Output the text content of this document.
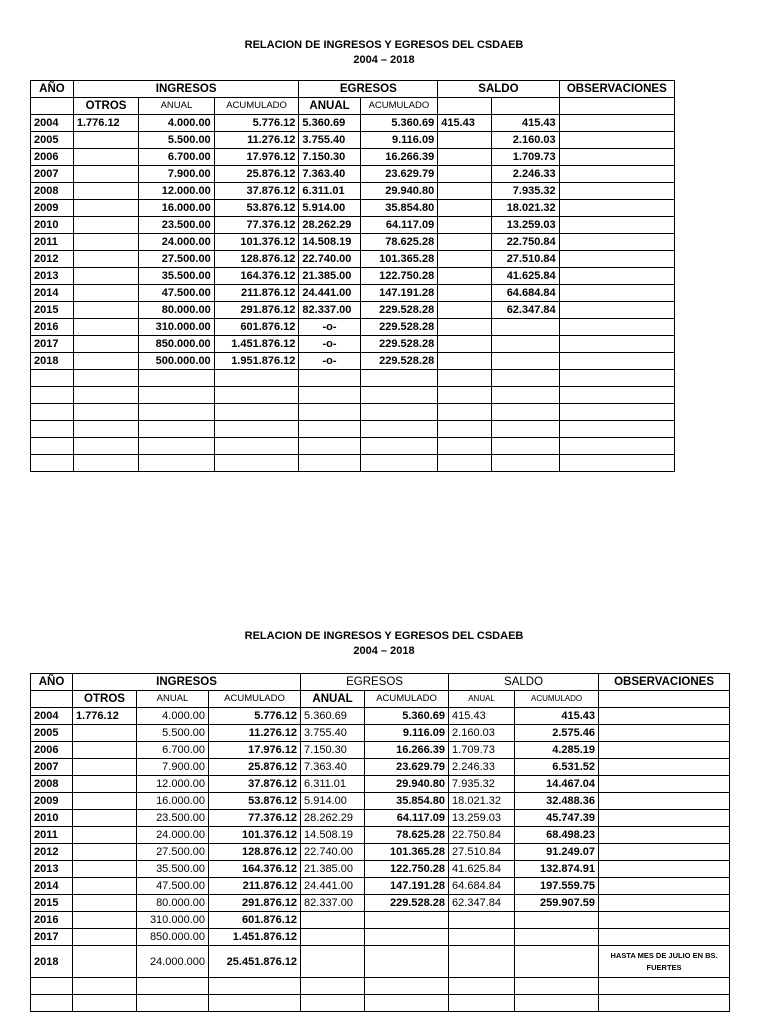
RELACION DE INGRESOS Y EGRESOS DEL CSDAEB
2004 – 2018
AÑO	INGRESOS			EGRESOS		SALDO		OBSERVACIONES
	OTROS	ANUAL	ACUMULADO	ANUAL	ACUMULADO			
2004	1.776.12	4.000.00	5.776.12	5.360.69	5.360.69	415.43	415.43	
2005		5.500.00	11.276.12	3.755.40	9.116.09		2.160.03	
2006		6.700.00	17.976.12	7.150.30	16.266.39		1.709.73	
2007		7.900.00	25.876.12	7.363.40	23.629.79		2.246.33	
2008		12.000.00	37.876.12	6.311.01	29.940.80		7.935.32	
2009		16.000.00	53.876.12	5.914.00	35.854.80		18.021.32	
2010		23.500.00	77.376.12	28.262.29	64.117.09		13.259.03	
2011		24.000.00	101.376.12	14.508.19	78.625.28		22.750.84	
2012		27.500.00	128.876.12	22.740.00	101.365.28		27.510.84	
2013		35.500.00	164.376.12	21.385.00	122.750.28		41.625.84	
2014		47.500.00	211.876.12	24.441.00	147.191.28		64.684.84	
2015		80.000.00	291.876.12	82.337.00	229.528.28		62.347.84	
2016		310.000.00	601.876.12	-o-	229.528.28			
2017		850.000.00	1.451.876.12	-o-	229.528.28			
2018		500.000.00	1.951.876.12	-o-	229.528.28			

RELACION DE INGRESOS Y EGRESOS DEL CSDAEB
2004 – 2018
AÑO	INGRESOS			EGRESOS		SALDO		OBSERVACIONES
	OTROS	ANUAL	ACUMULADO	ANUAL	ACUMULADO	ANUAL	ACUMULADO	
2004	1.776.12	4.000.00	5.776.12	5.360.69	5.360.69	415.43	415.43	
2005		5.500.00	11.276.12	3.755.40	9.116.09	2.160.03	2.575.46	
2006		6.700.00	17.976.12	7.150.30	16.266.39	1.709.73	4.285.19	
2007		7.900.00	25.876.12	7.363.40	23.629.79	2.246.33	6.531.52	
2008		12.000.00	37.876.12	6.311.01	29.940.80	7.935.32	14.467.04	
2009		16.000.00	53.876.12	5.914.00	35.854.80	18.021.32	32.488.36	
2010		23.500.00	77.376.12	28.262.29	64.117.09	13.259.03	45.747.39	
2011		24.000.00	101.376.12	14.508.19	78.625.28	22.750.84	68.498.23	
2012		27.500.00	128.876.12	22.740.00	101.365.28	27.510.84	91.249.07	
2013		35.500.00	164.376.12	21.385.00	122.750.28	41.625.84	132.874.91	
2014		47.500.00	211.876.12	24.441.00	147.191.28	64.684.84	197.559.75	
2015		80.000.00	291.876.12	82.337.00	229.528.28	62.347.84	259.907.59	
2016		310.000.00	601.876.12					
2017		850.000.00	1.451.876.12					
2018		24.000.000	25.451.876.12					HASTA MES DE JULIO EN BS. FUERTES
